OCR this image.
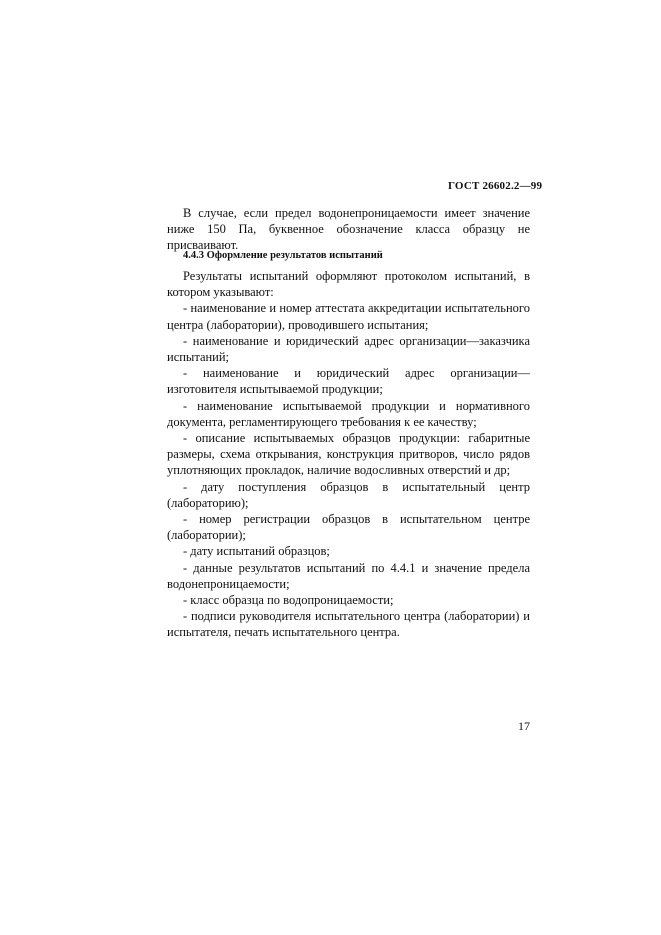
ГОСТ 26602.2—99

В случае, если предел водонепроницаемости имеет значение ниже 150 Па, буквенное обозначение класса образцу не присваивают.

4.4.3 Оформление результатов испытаний

Результаты испытаний оформляют протоколом испытаний, в котором указывают:

- наименование и номер аттестата аккредитации испытательного центра (лаборатории), проводившего испытания;

- наименование и юридический адрес организации—заказчика испытаний;

- наименование и юридический адрес организации—изготовителя испытываемой продукции;

- наименование испытываемой продукции и нормативного документа, регламентирующего требования к ее качеству;

- описание испытываемых образцов продукции: габаритные размеры, схема открывания, конструкция притворов, число рядов уплотняющих прокладок, наличие водосливных отверстий и др;

- дату поступления образцов в испытательный центр (лабораторию);

- номер регистрации образцов в испытательном центре (лаборатории);

- дату испытаний образцов;

- данные результатов испытаний по 4.4.1 и значение предела водонепроницаемости;

- класс образца по водопроницаемости;

- подписи руководителя испытательного центра (лаборатории) и испытателя, печать испытательного центра.

17
